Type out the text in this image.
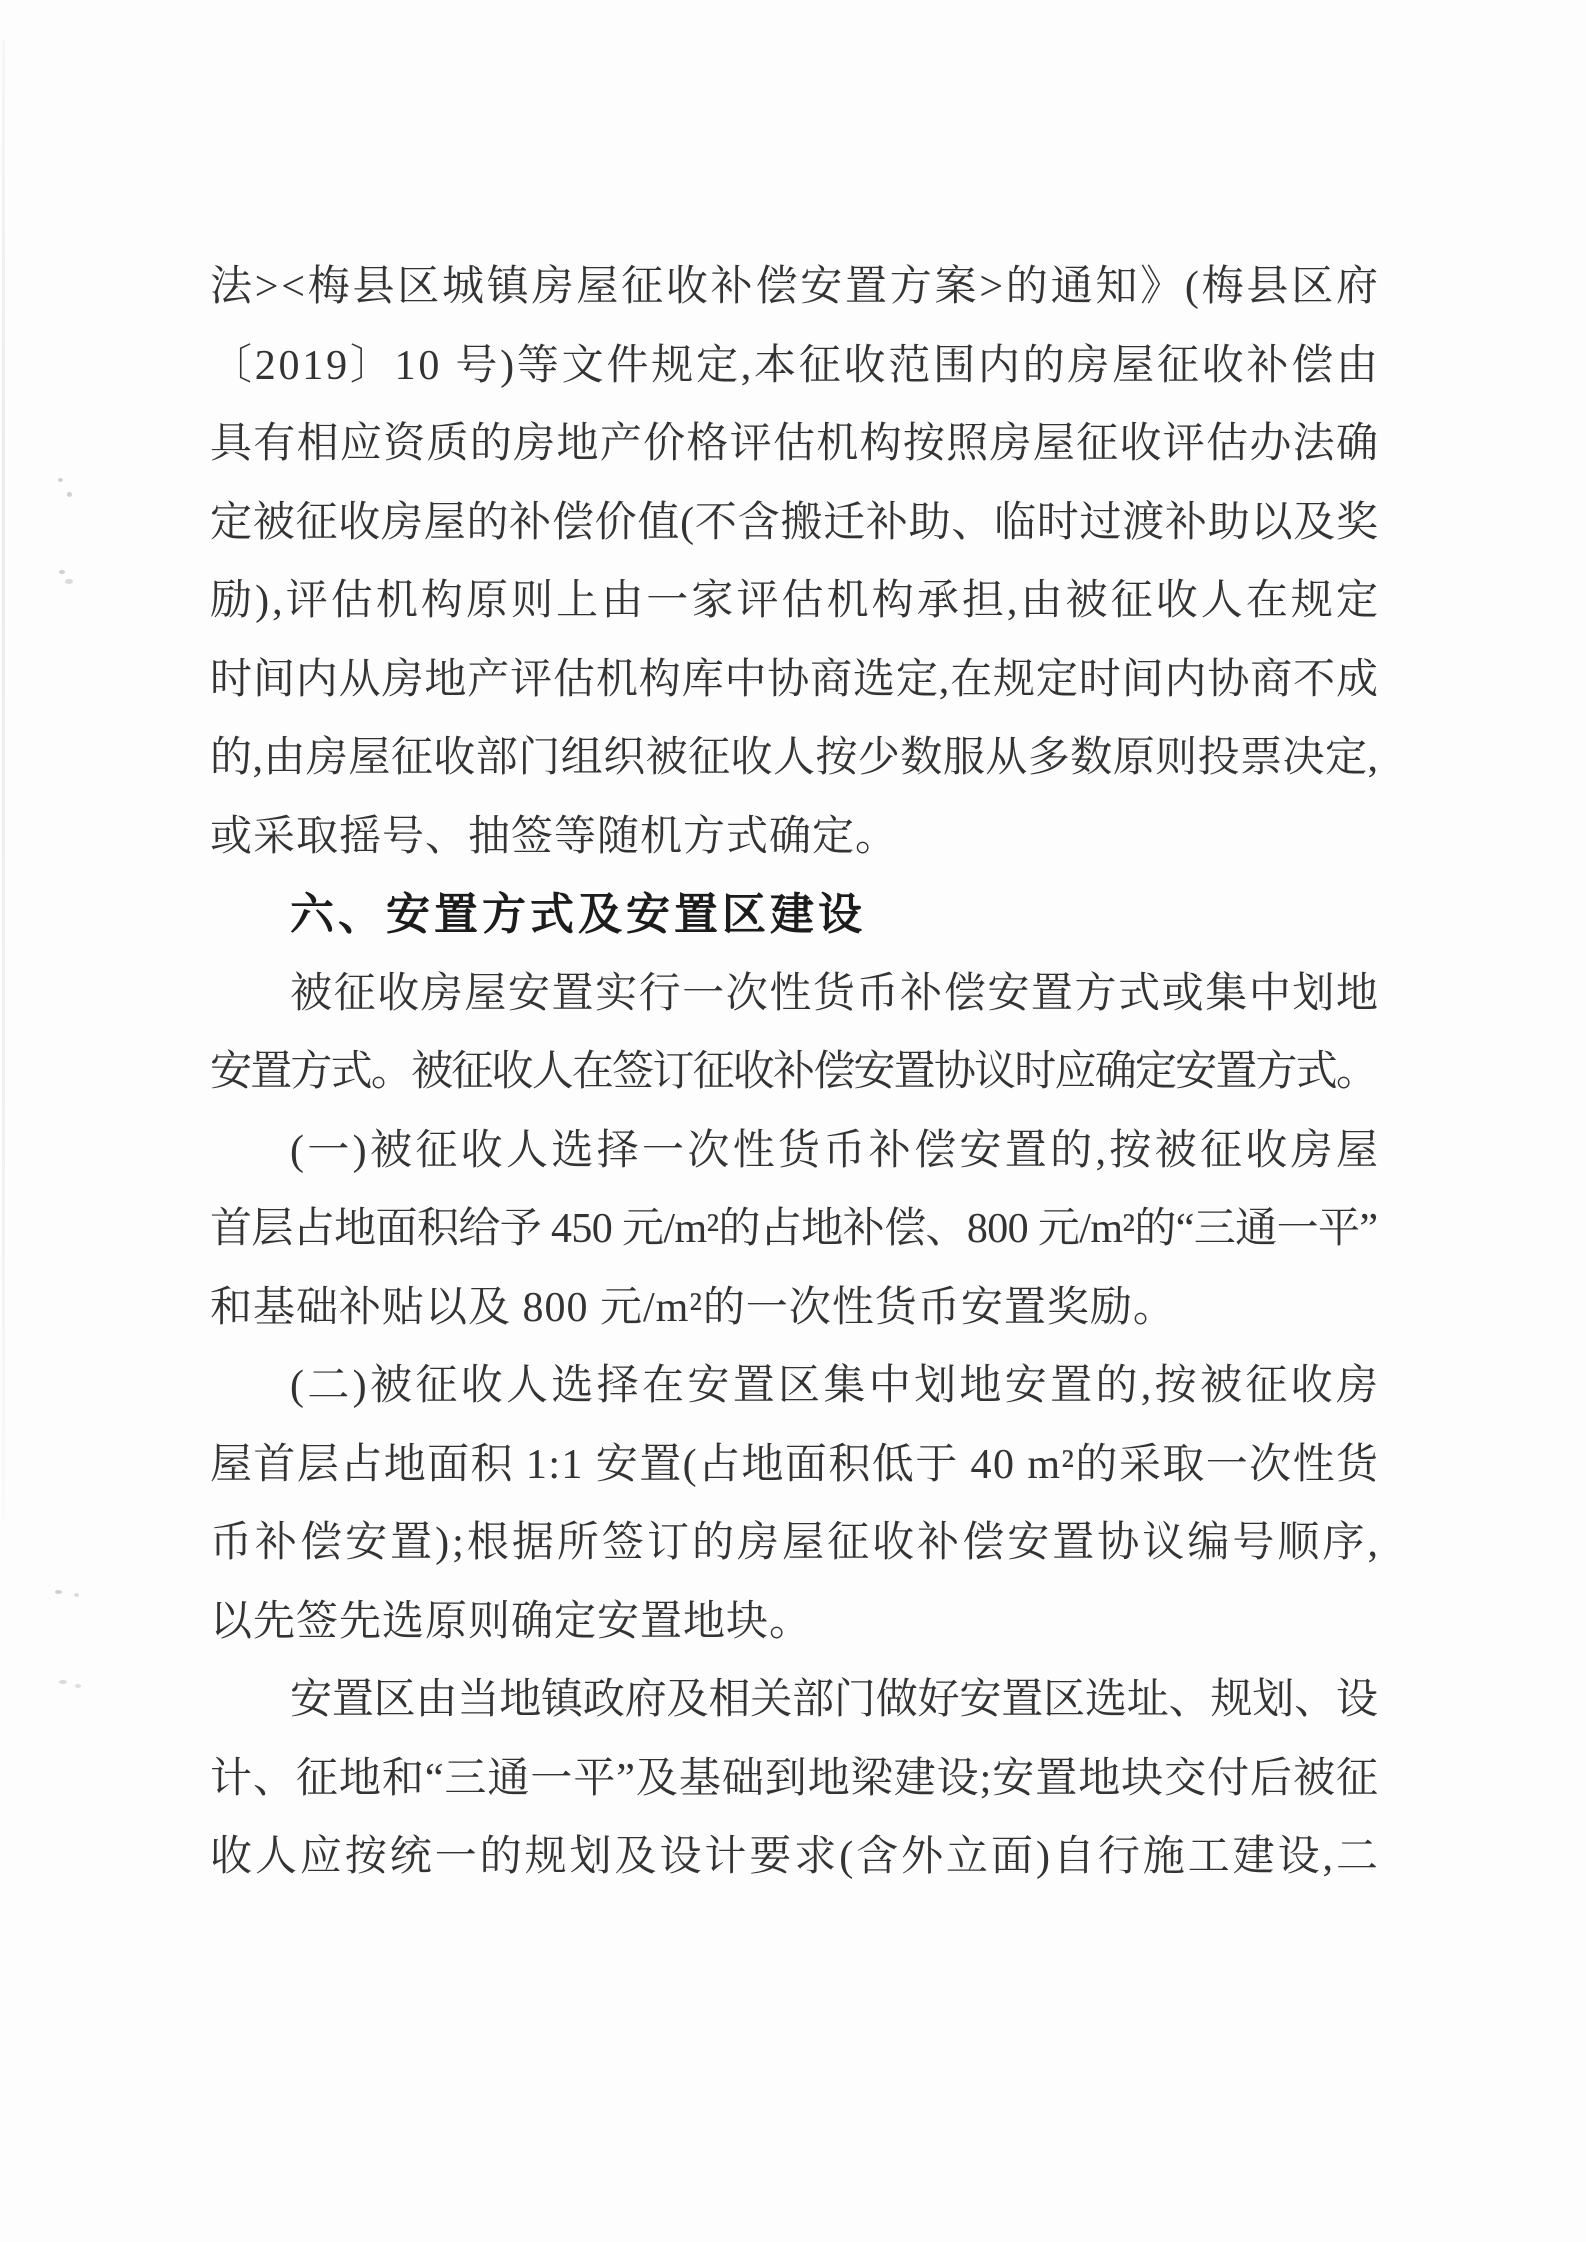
法><梅县区城镇房屋征收补偿安置方案>的通知》(梅县区府
〔2019〕10 号)等文件规定,本征收范围内的房屋征收补偿由
具有相应资质的房地产价格评估机构按照房屋征收评估办法确
定被征收房屋的补偿价值(不含搬迁补助、临时过渡补助以及奖
励),评估机构原则上由一家评估机构承担,由被征收人在规定
时间内从房地产评估机构库中协商选定,在规定时间内协商不成
的,由房屋征收部门组织被征收人按少数服从多数原则投票决定,
或采取摇号、抽签等随机方式确定。
六、安置方式及安置区建设
被征收房屋安置实行一次性货币补偿安置方式或集中划地
安置方式。被征收人在签订征收补偿安置协议时应确定安置方式。
(一)被征收人选择一次性货币补偿安置的,按被征收房屋
首层占地面积给予 450 元/m²的占地补偿、800 元/m²的“三通一平”
和基础补贴以及 800 元/m²的一次性货币安置奖励。
(二)被征收人选择在安置区集中划地安置的,按被征收房
屋首层占地面积 1:1 安置(占地面积低于 40 m²的采取一次性货
币补偿安置);根据所签订的房屋征收补偿安置协议编号顺序,
以先签先选原则确定安置地块。
安置区由当地镇政府及相关部门做好安置区选址、规划、设
计、征地和“三通一平”及基础到地梁建设;安置地块交付后被征
收人应按统一的规划及设计要求(含外立面)自行施工建设,二
